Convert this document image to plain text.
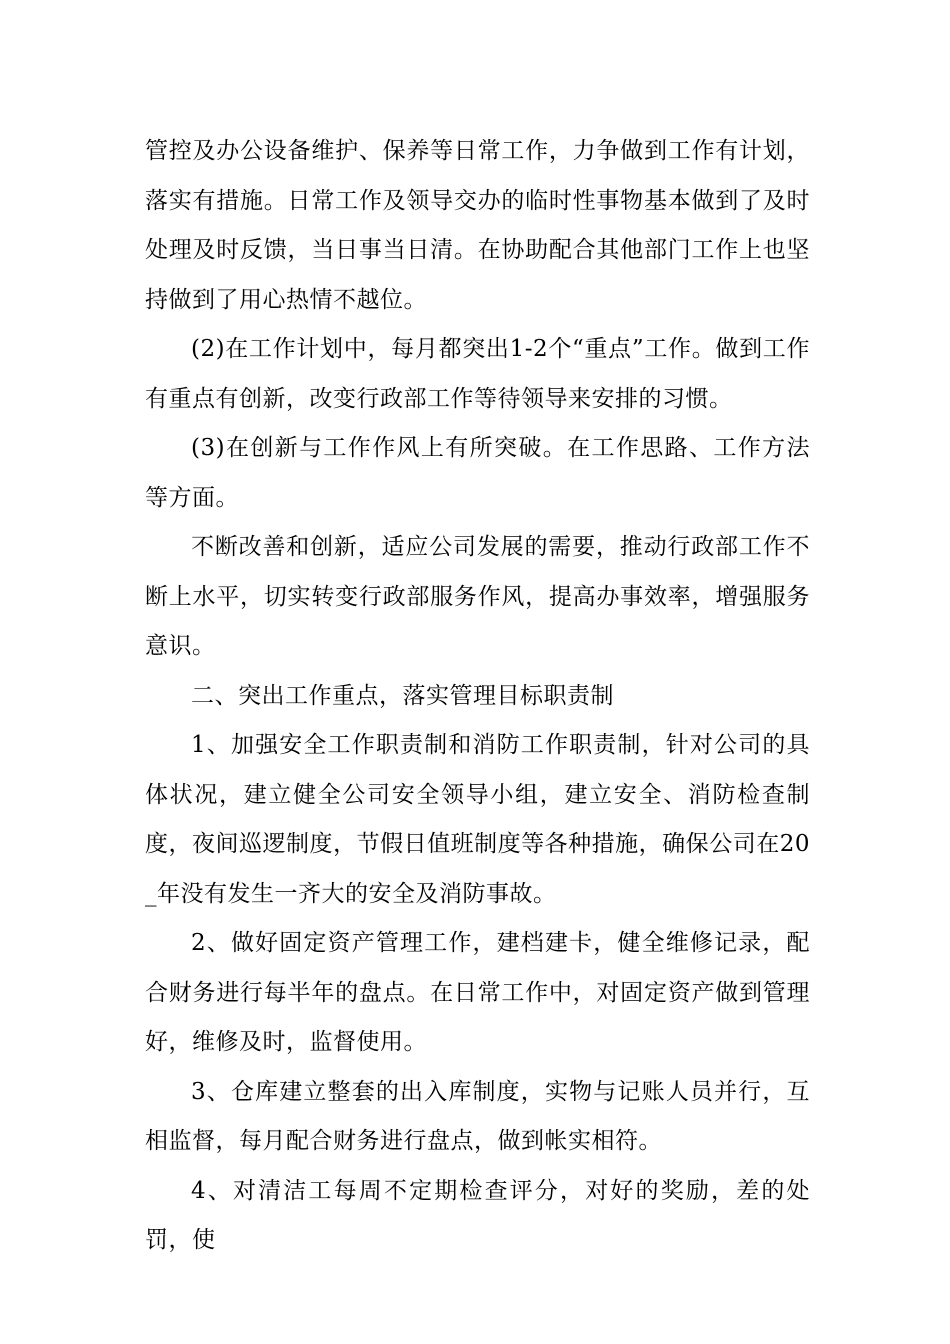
管控及办公设备维护、保养等日常工作，力争做到工作有计划，落实有措施。日常工作及领导交办的临时性事物基本做到了及时处理及时反馈，当日事当日清。在协助配合其他部门工作上也坚持做到了用心热情不越位。

(2)在工作计划中，每月都突出1-2个“重点”工作。做到工作有重点有创新，改变行政部工作等待领导来安排的习惯。

(3)在创新与工作作风上有所突破。在工作思路、工作方法等方面。

不断改善和创新，适应公司发展的需要，推动行政部工作不断上水平，切实转变行政部服务作风，提高办事效率，增强服务意识。

二、突出工作重点，落实管理目标职责制

1、加强安全工作职责制和消防工作职责制，针对公司的具体状况，建立健全公司安全领导小组，建立安全、消防检查制度，夜间巡逻制度，节假日值班制度等各种措施，确保公司在20_年没有发生一齐大的安全及消防事故。

2、做好固定资产管理工作，建档建卡，健全维修记录，配合财务进行每半年的盘点。在日常工作中，对固定资产做到管理好，维修及时，监督使用。

3、仓库建立整套的出入库制度，实物与记账人员并行，互相监督，每月配合财务进行盘点，做到帐实相符。

4、对清洁工每周不定期检查评分，对好的奖励，差的处罚，使
